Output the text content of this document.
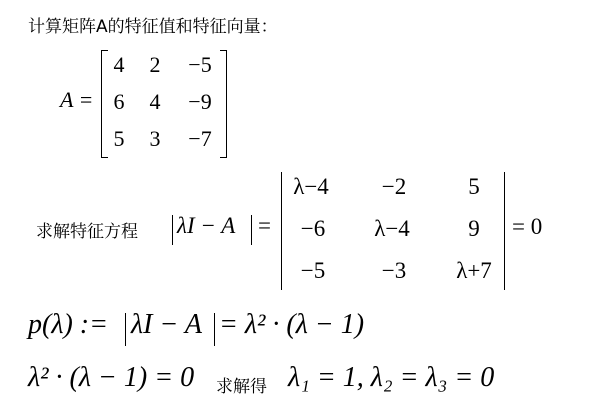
计算矩阵A的特征值和特征向量：
A =
4	2	−5
6	4	−9
5	3	−7
求解特征方程 λI − A =
λ−4	−2	5
−6	λ−4	9
−5	−3	λ+7
= 0
p(λ) := λI − A = λ² · (λ − 1)
λ² · (λ − 1) = 0 求解得 λ₁ = 1, λ₂ = λ₃ = 0
